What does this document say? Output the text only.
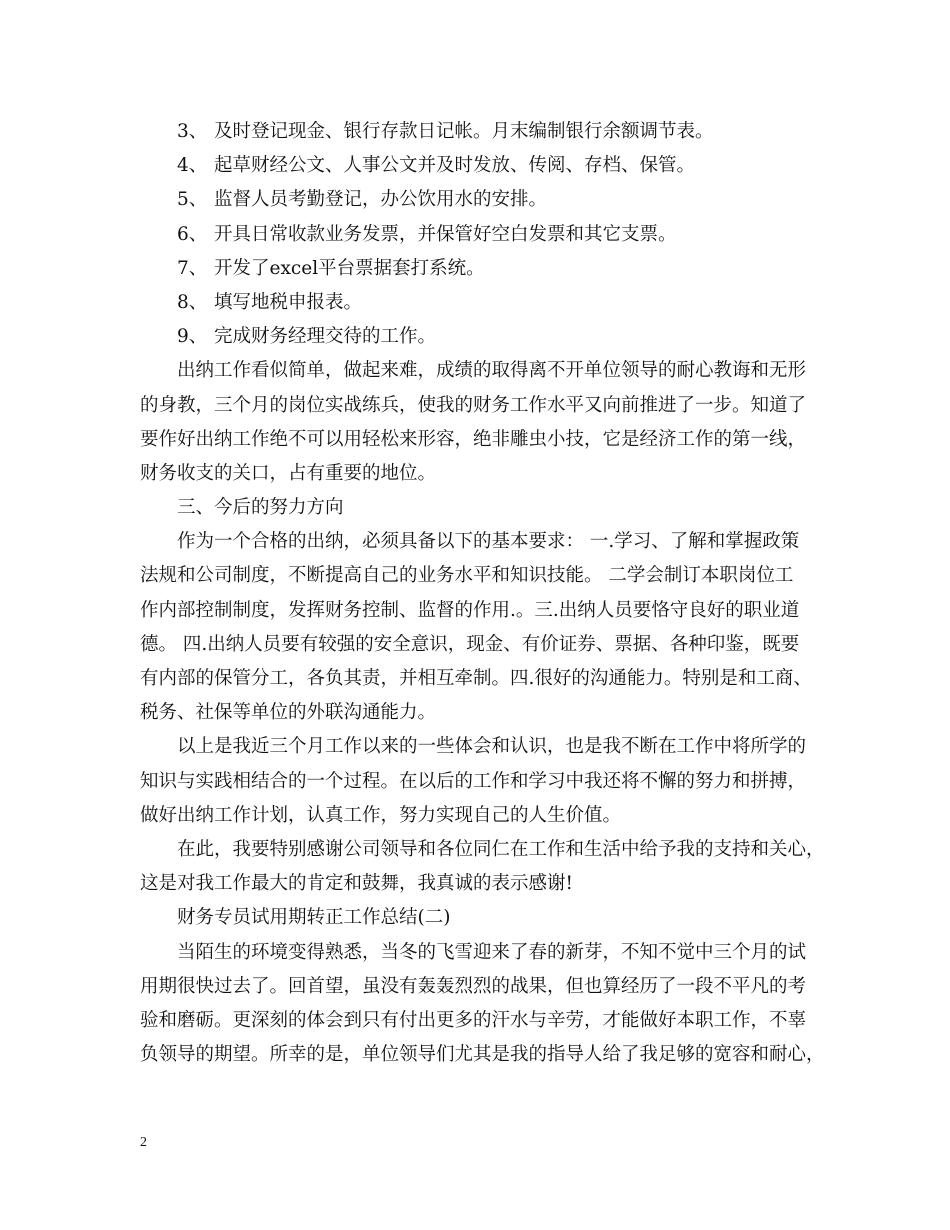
3、 及时登记现金、银行存款日记帐。月末编制银行余额调节表。
4、 起草财经公文、人事公文并及时发放、传阅、存档、保管。
5、 监督人员考勤登记，办公饮用水的安排。
6、 开具日常收款业务发票，并保管好空白发票和其它支票。
7、 开发了excel平台票据套打系统。
8、 填写地税申报表。
9、 完成财务经理交待的工作。
出纳工作看似简单，做起来难，成绩的取得离不开单位领导的耐心教诲和无形
的身教，三个月的岗位实战练兵，使我的财务工作水平又向前推进了一步。知道了
要作好出纳工作绝不可以用轻松来形容，绝非雕虫小技，它是经济工作的第一线，
财务收支的关口，占有重要的地位。
三、今后的努力方向
作为一个合格的出纳，必须具备以下的基本要求： 一.学习、了解和掌握政策
法规和公司制度，不断提高自己的业务水平和知识技能。 二学会制订本职岗位工
作内部控制制度，发挥财务控制、监督的作用.。三.出纳人员要恪守良好的职业道
德。 四.出纳人员要有较强的安全意识，现金、有价证券、票据、各种印鉴，既要
有内部的保管分工，各负其责，并相互牵制。四.很好的沟通能力。特别是和工商、
税务、社保等单位的外联沟通能力。
以上是我近三个月工作以来的一些体会和认识，也是我不断在工作中将所学的
知识与实践相结合的一个过程。在以后的工作和学习中我还将不懈的努力和拼搏，
做好出纳工作计划，认真工作，努力实现自己的人生价值。
在此，我要特别感谢公司领导和各位同仁在工作和生活中给予我的支持和关心，
这是对我工作最大的肯定和鼓舞，我真诚的表示感谢!
财务专员试用期转正工作总结(二)
当陌生的环境变得熟悉，当冬的飞雪迎来了春的新芽，不知不觉中三个月的试
用期很快过去了。回首望，虽没有轰轰烈烈的战果，但也算经历了一段不平凡的考
验和磨砺。更深刻的体会到只有付出更多的汗水与辛劳，才能做好本职工作，不辜
负领导的期望。所幸的是，单位领导们尤其是我的指导人给了我足够的宽容和耐心，
2
